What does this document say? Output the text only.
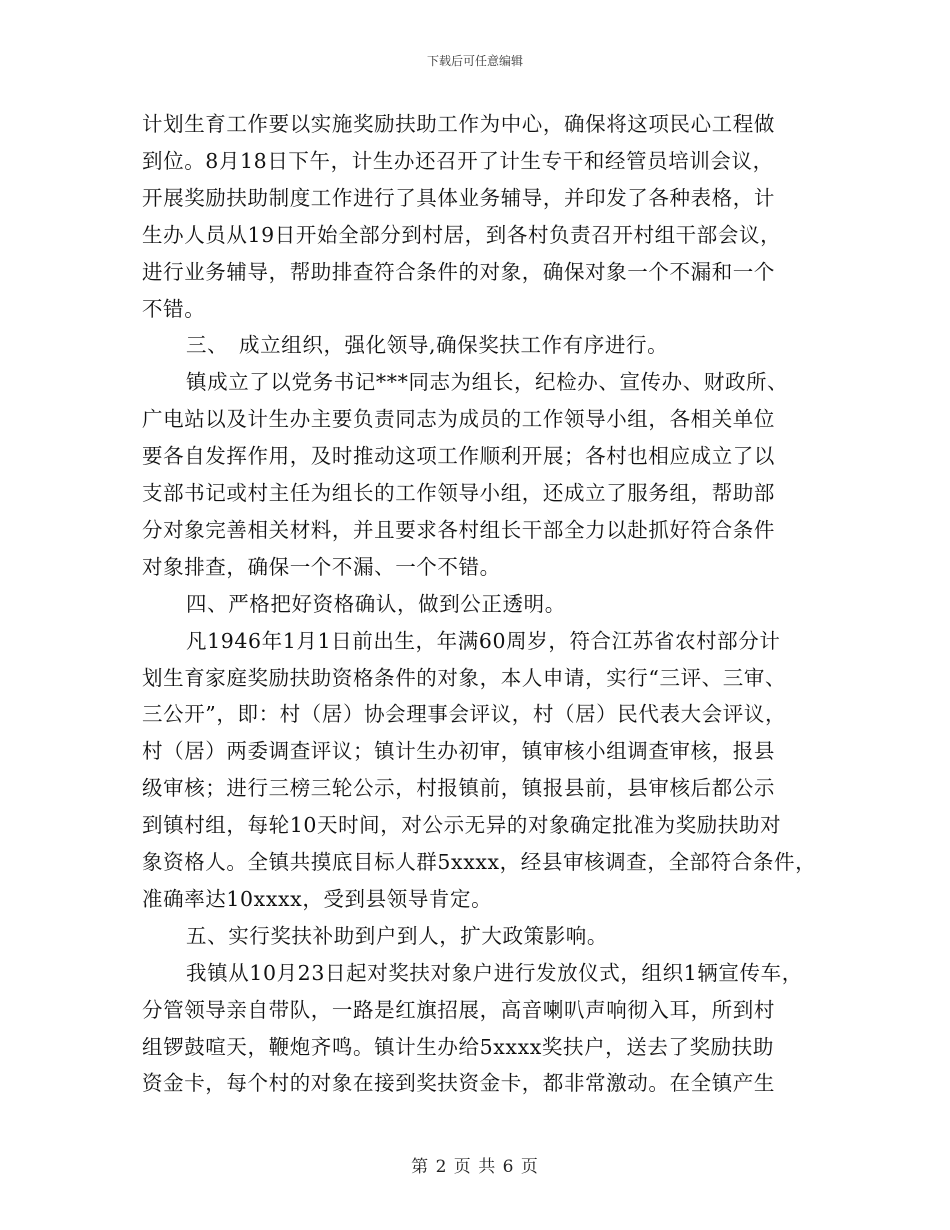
下载后可任意编辑
计划生育工作要以实施奖励扶助工作为中心，确保将这项民心工程做
到位。8月18日下午，计生办还召开了计生专干和经管员培训会议，
开展奖励扶助制度工作进行了具体业务辅导，并印发了各种表格，计
生办人员从19日开始全部分到村居，到各村负责召开村组干部会议，
进行业务辅导，帮助排查符合条件的对象，确保对象一个不漏和一个
不错。
三、　成立组织，强化领导,确保奖扶工作有序进行。
镇成立了以党务书记***同志为组长，纪检办、宣传办、财政所、
广电站以及计生办主要负责同志为成员的工作领导小组，各相关单位
要各自发挥作用，及时推动这项工作顺利开展；各村也相应成立了以
支部书记或村主任为组长的工作领导小组，还成立了服务组，帮助部
分对象完善相关材料，并且要求各村组长干部全力以赴抓好符合条件
对象排查，确保一个不漏、一个不错。
四、严格把好资格确认，做到公正透明。
凡1946年1月1日前出生，年满60周岁，符合江苏省农村部分计
划生育家庭奖励扶助资格条件的对象，本人申请，实行“三评、三审、
三公开”，即：村（居）协会理事会评议，村（居）民代表大会评议，
村（居）两委调查评议；镇计生办初审，镇审核小组调查审核，报县
级审核；进行三榜三轮公示，村报镇前，镇报县前，县审核后都公示
到镇村组，每轮10天时间，对公示无异的对象确定批准为奖励扶助对
象资格人。全镇共摸底目标人群5xxxx，经县审核调查，全部符合条件，
准确率达10xxxx，受到县领导肯定。
五、实行奖扶补助到户到人，扩大政策影响。
我镇从10月23日起对奖扶对象户进行发放仪式，组织1辆宣传车，
分管领导亲自带队，一路是红旗招展，高音喇叭声响彻入耳，所到村
组锣鼓喧天，鞭炮齐鸣。镇计生办给5xxxx奖扶户，送去了奖励扶助
资金卡，每个村的对象在接到奖扶资金卡，都非常激动。在全镇产生
第 2 页 共 6 页
